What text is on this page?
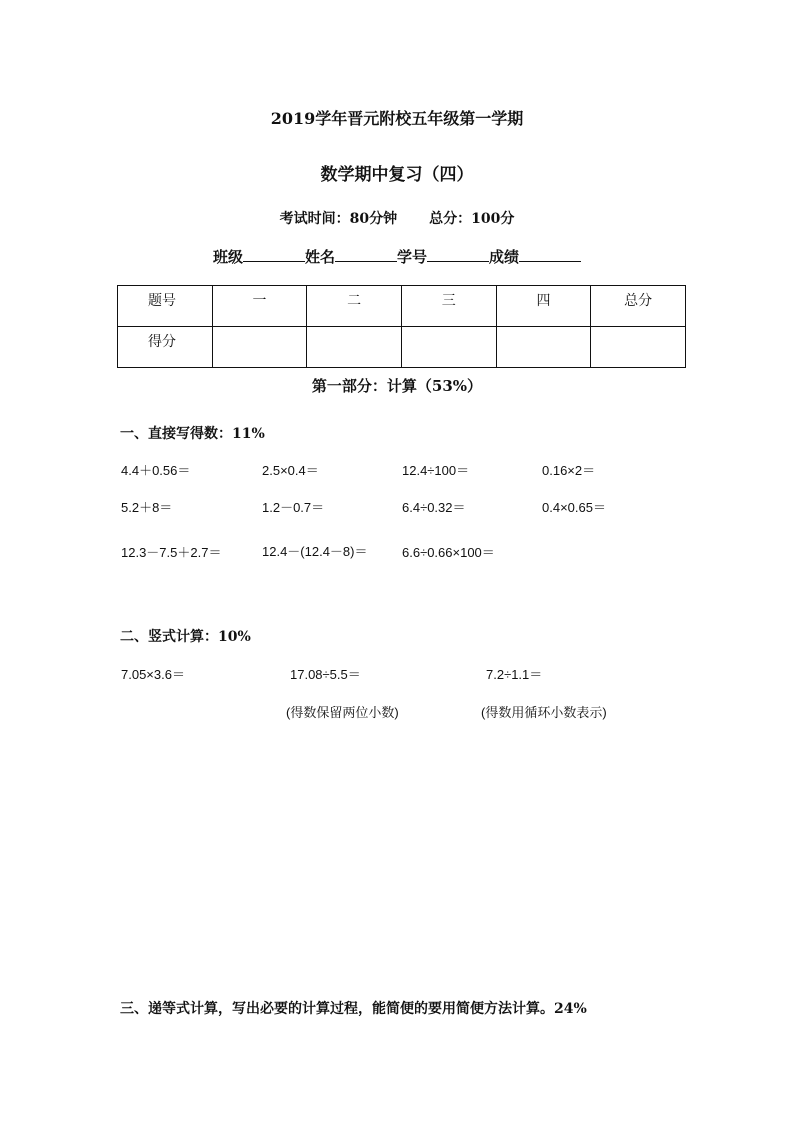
2019学年晋元附校五年级第一学期
数学期中复习（四）
考试时间：80分钟 总分：100分
班级	姓名	学号	成绩
题号	一	二	三	四	总分
得分					
第一部分：计算（53%）
一、直接写得数：11%
4.4＋0.56＝	2.5×0.4＝	12.4÷100＝	0.16×2＝
5.2＋8＝	1.2－0.7＝	6.4÷0.32＝	0.4×0.65＝
12.3－7.5＋2.7＝	12.4－(12.4－8)＝	6.6÷0.66×100＝
二、竖式计算：10%
7.05×3.6＝	17.08÷5.5＝	7.2÷1.1＝
(得数保留两位小数)	(得数用循环小数表示)
三、递等式计算，写出必要的计算过程，能简便的要用简便方法计算。24%
